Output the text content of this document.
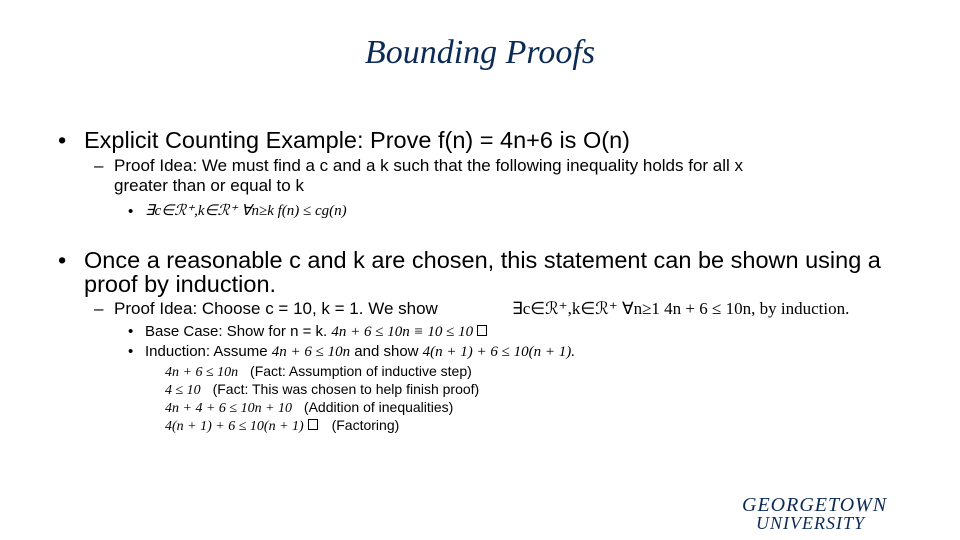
Bounding Proofs
• Explicit Counting Example: Prove f(n) = 4n+6 is O(n)
– Proof Idea: We must find a c and a k such that the following inequality holds for all x
greater than or equal to k
• ∃c∈ℛ⁺,k∈ℛ⁺ ∀n≥k f(n) ≤ cg(n)
• Once a reasonable c and k are chosen, this statement can be shown using a
proof by induction.
– Proof Idea: Choose c = 10, k = 1. We show	∃c∈ℛ⁺,k∈ℛ⁺ ∀n≥1 4n + 6 ≤ 10n, by induction.
• Base Case: Show for n = k. 4n + 6 ≤ 10n ≡ 10 ≤ 10
• Induction: Assume 4n + 6 ≤ 10n and show 4(n + 1) + 6 ≤ 10(n + 1).
4n + 6 ≤ 10n (Fact: Assumption of inductive step)
4 ≤ 10 (Fact: This was chosen to help finish proof)
4n + 4 + 6 ≤ 10n + 10 (Addition of inequalities)
4(n + 1) + 6 ≤ 10(n + 1) (Factoring)
GEORGETOWN
UNIVERSITY
